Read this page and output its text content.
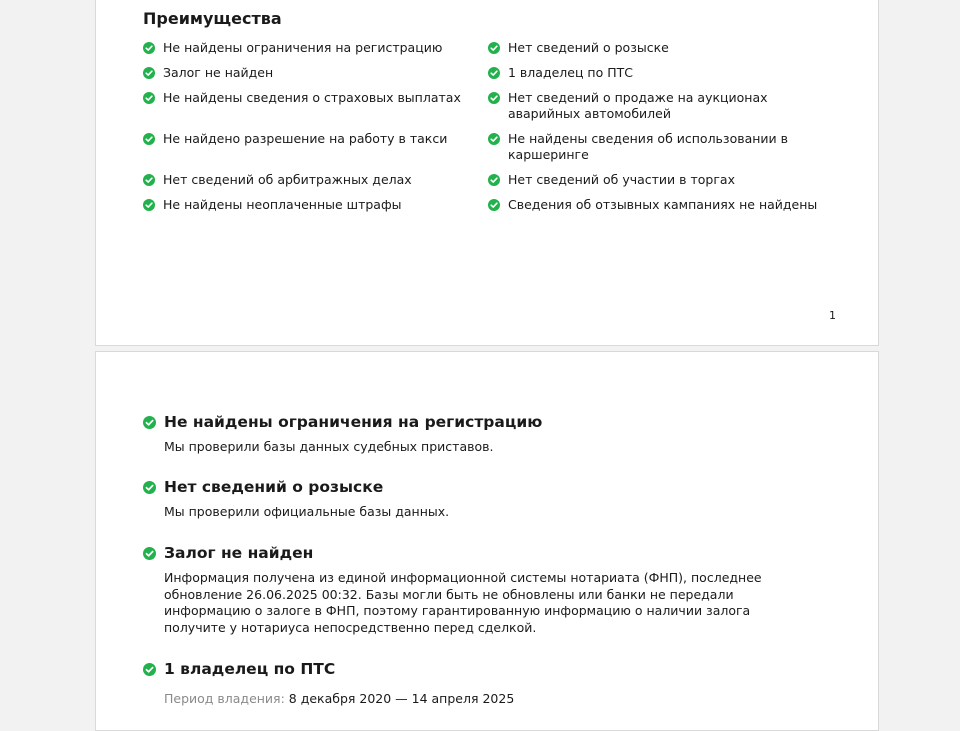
Преимущества
Не найдены ограничения на регистрацию
Залог не найден
Не найдены сведения о страховых выплатах
Не найдено разрешение на работу в такси
Нет сведений об арбитражных делах
Не найдены неоплаченные штрафы
Нет сведений о розыске
1 владелец по ПТС
Нет сведений о продаже на аукционах аварийных автомобилей
Не найдены сведения об использовании в каршеринге
Нет сведений об участии в торгах
Сведения об отзывных кампаниях не найдены
1
Не найдены ограничения на регистрацию
Мы проверили базы данных судебных приставов.
Нет сведений о розыске
Мы проверили официальные базы данных.
Залог не найден
Информация получена из единой информационной системы нотариата (ФНП), последнее обновление 26.06.2025 00:32. Базы могли быть не обновлены или банки не передали информацию о залоге в ФНП, поэтому гарантированную информацию о наличии залога получите у нотариуса непосредственно перед сделкой.
1 владелец по ПТС
Период владения: 8 декабря 2020 — 14 апреля 2025
